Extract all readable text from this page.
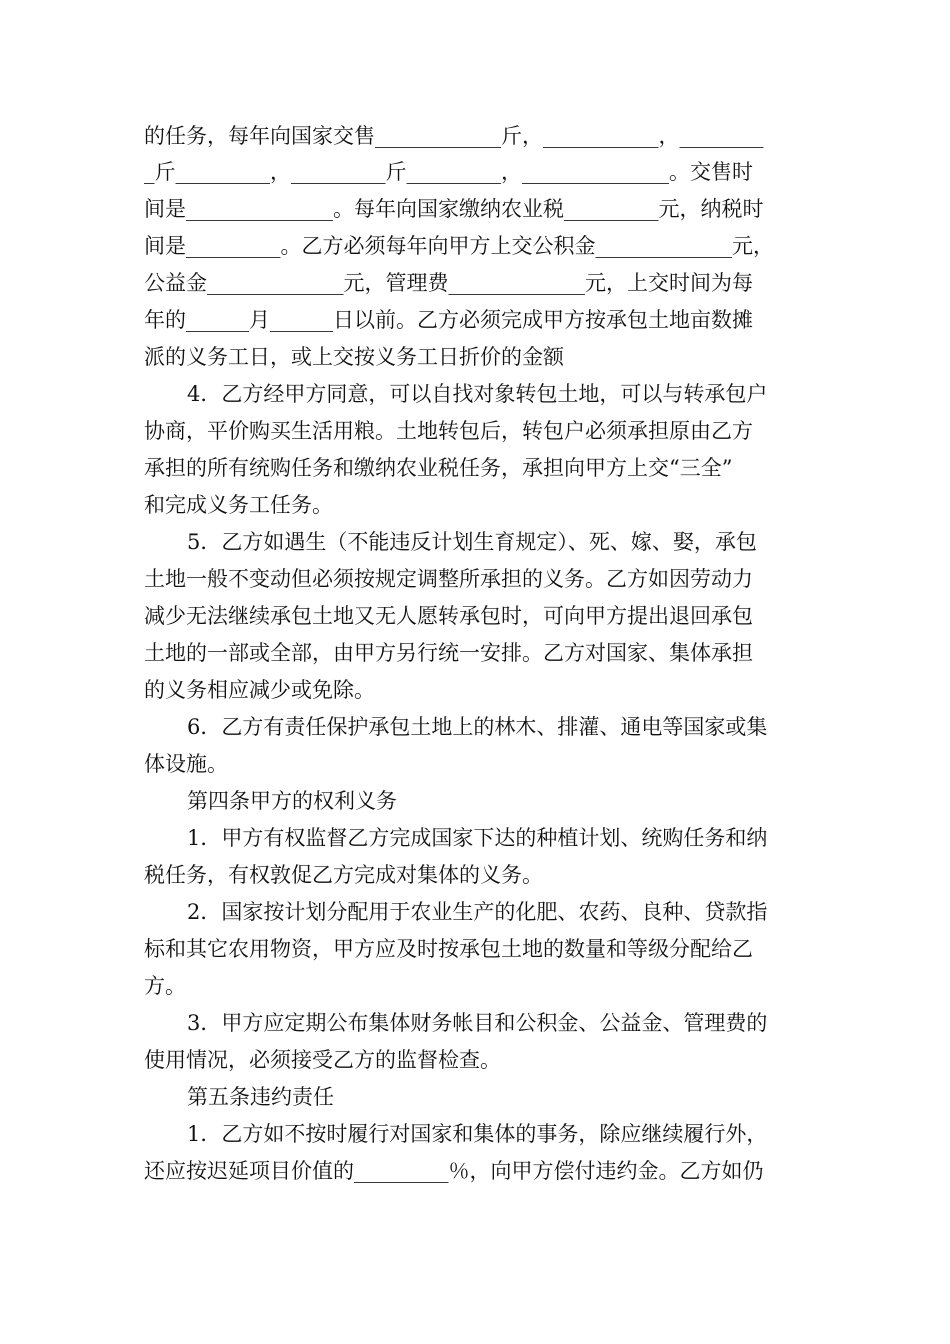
的任务，每年向国家交售____________斤，___________，________
_斤_________，_________斤_________，______________。交售时
间是______________。每年向国家缴纳农业税_________元，纳税时
间是_________。乙方必须每年向甲方上交公积金_____________元，
公益金_____________元，管理费_____________元，上交时间为每
年的______月______日以前。乙方必须完成甲方按承包土地亩数摊
派的义务工日，或上交按义务工日折价的金额
4．乙方经甲方同意，可以自找对象转包土地，可以与转承包户
协商，平价购买生活用粮。土地转包后，转包户必须承担原由乙方
承担的所有统购任务和缴纳农业税任务，承担向甲方上交“三全”
和完成义务工任务。
5．乙方如遇生（不能违反计划生育规定）、死、嫁、娶，承包
土地一般不变动但必须按规定调整所承担的义务。乙方如因劳动力
减少无法继续承包土地又无人愿转承包时，可向甲方提出退回承包
土地的一部或全部，由甲方另行统一安排。乙方对国家、集体承担
的义务相应减少或免除。
6．乙方有责任保护承包土地上的林木、排灌、通电等国家或集
体设施。
第四条甲方的权利义务
1．甲方有权监督乙方完成国家下达的种植计划、统购任务和纳
税任务，有权敦促乙方完成对集体的义务。
2．国家按计划分配用于农业生产的化肥、农药、良种、贷款指
标和其它农用物资，甲方应及时按承包土地的数量和等级分配给乙
方。
3．甲方应定期公布集体财务帐目和公积金、公益金、管理费的
使用情况，必须接受乙方的监督检查。
第五条违约责任
1．乙方如不按时履行对国家和集体的事务，除应继续履行外，
还应按迟延项目价值的_________％，向甲方偿付违约金。乙方如仍
